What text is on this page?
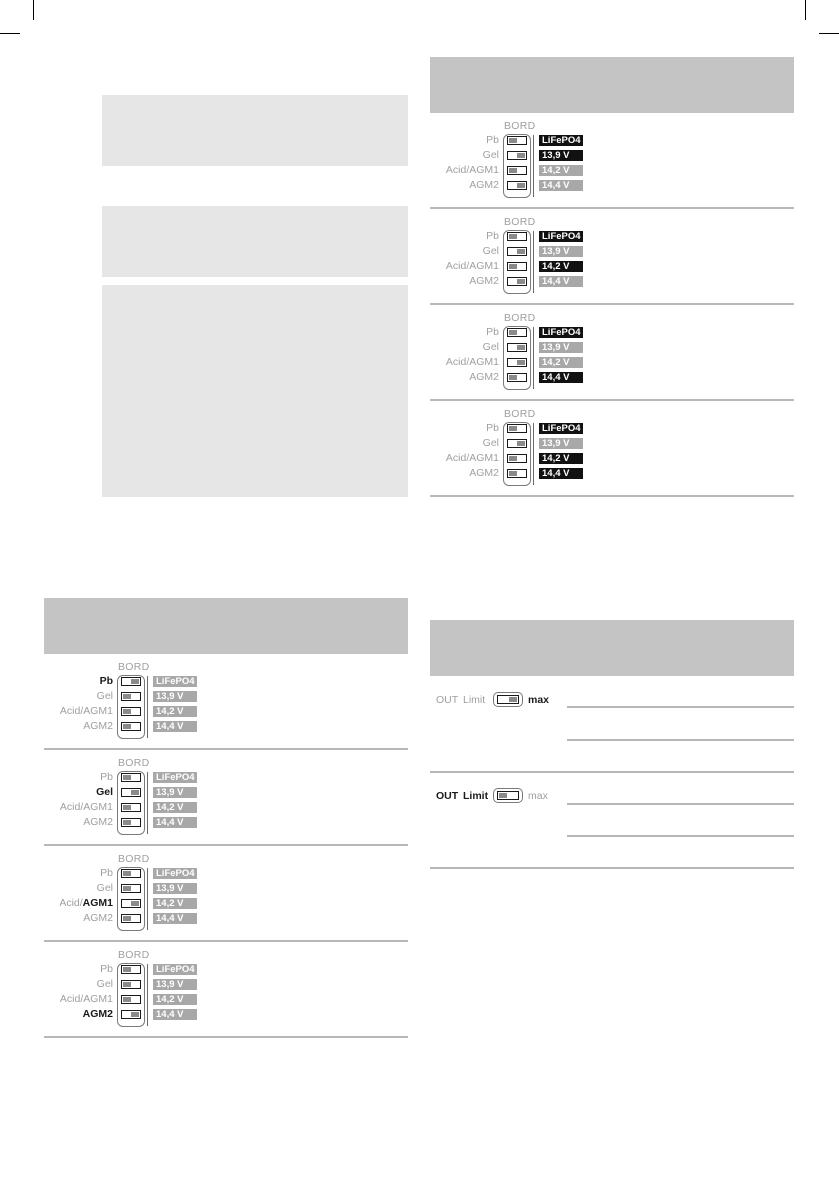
BORD
Pb	LiFePO4
Gel	13,9 V
Acid/AGM1	14,2 V
AGM2	14,4 V
BORD
Pb	LiFePO4
Gel	13,9 V
Acid/AGM1	14,2 V
AGM2	14,4 V
BORD
Pb	LiFePO4
Gel	13,9 V
Acid/AGM1	14,2 V
AGM2	14,4 V
BORD
Pb	LiFePO4
Gel	13,9 V
Acid/AGM1	14,2 V
AGM2	14,4 V
BORD
Pb	LiFePO4
Gel	13,9 V
Acid/AGM1	14,2 V
AGM2	14,4 V
BORD
Pb	LiFePO4
Gel	13,9 V
Acid/AGM1	14,2 V
AGM2	14,4 V
BORD
Pb	LiFePO4
Gel	13,9 V
Acid/AGM1	14,2 V
AGM2	14,4 V
BORD
Pb	LiFePO4
Gel	13,9 V
Acid/AGM1	14,2 V
AGM2	14,4 V
OUT Limit	max
OUT Limit	max
